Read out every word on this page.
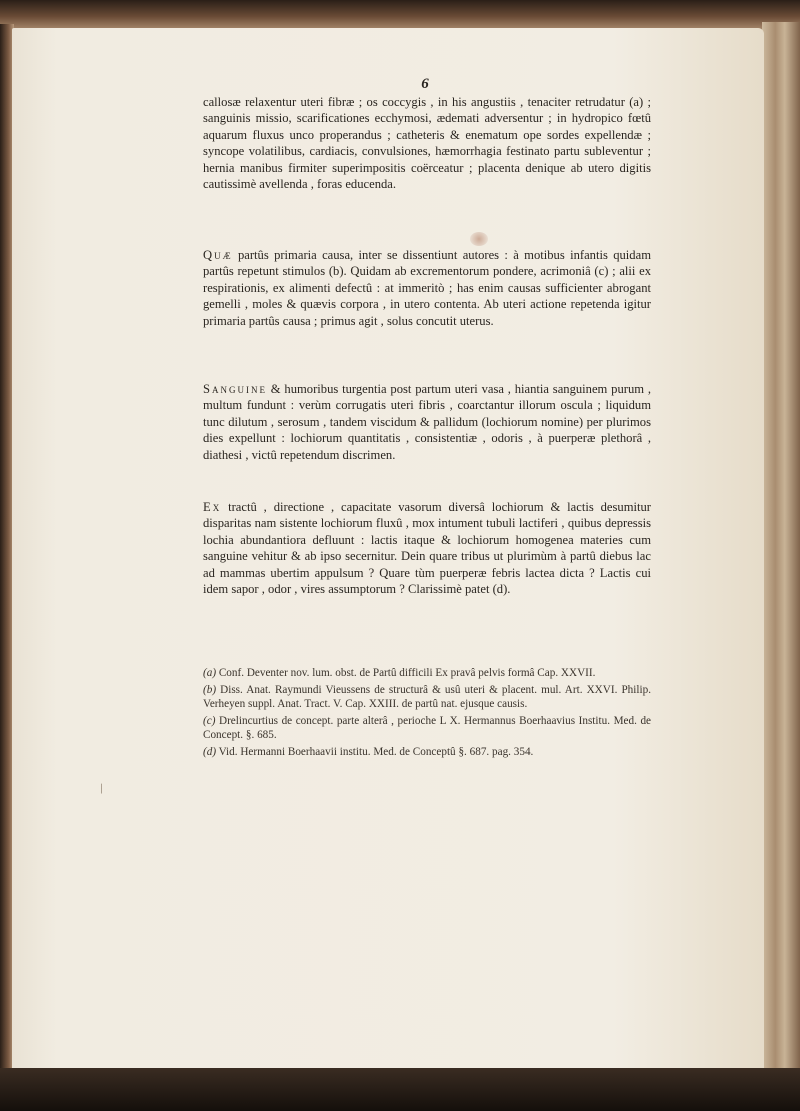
/
6

callosæ relaxentur uteri fibræ ; os coccygis , in his angustiis , tenaciter retrudatur (a) ; sanguinis missio, scarificationes ecchymosi, ædemati adversentur ; in hydropico fœtû aquarum fluxus unco properandus ; catheteris & enematum ope sordes expellendæ ; syncope volatilibus, cardiacis, convulsiones, hæmorrhagia festinato partu subleventur ; hernia manibus firmiter superimpositis coërceatur ; placenta denique ab utero digitis cautissimè avellenda , foras educenda.

Quæ partûs primaria causa, inter se dissentiunt autores : à motibus infantis quidam partûs repetunt stimulos (b). Quidam ab excrementorum pondere, acrimoniâ (c) ; alii ex respirationis, ex alimenti defectû : at immeritò ; has enim causas sufficienter abrogant gemelli , moles & quævis corpora , in utero contenta. Ab uteri actione repetenda igitur primaria partûs causa ; primus agit , solus concutit uterus.

Sanguine & humoribus turgentia post partum uteri vasa , hiantia sanguinem purum , multum fundunt : verùm corrugatis uteri fibris , coarctantur illorum oscula ; liquidum tunc dilutum , serosum , tandem viscidum & pallidum (lochiorum nomine) per plurimos dies expellunt : lochiorum quantitatis , consistentiæ , odoris , à puerperæ plethorâ , diathesi , victû repetendum discrimen.

Ex tractû , directione , capacitate vasorum diversâ lochiorum & lactis desumitur disparitas nam sistente lochiorum fluxû , mox intument tubuli lactiferi , quibus depressis lochia abundantiora defluunt : lactis itaque & lochiorum homogenea materies cum sanguine vehitur & ab ipso secernitur. Dein quare tribus ut plurimùm à partû diebus lac ad mammas ubertim appulsum ? Quare tùm puerperæ febris lactea dicta ? Lactis cui idem sapor , odor , vires assumptorum ? Clarissimè patet (d).

(a) Conf. Deventer nov. lum. obst. de Partû difficili Ex pravâ pelvis formâ Cap. XXVII.

(b) Diss. Anat. Raymundi Vieussens de structurâ & usû uteri & placent. mul. Art. XXVI. Philip. Verheyen suppl. Anat. Tract. V. Cap. XXIII. de partû nat. ejusque causis.

(c) Drelincurtius de concept. parte alterâ , perioche L X. Hermannus Boerhaavius Institu. Med. de Concept. §. 685.

(d) Vid. Hermanni Boerhaavii institu. Med. de Conceptû §. 687. pag. 354.
